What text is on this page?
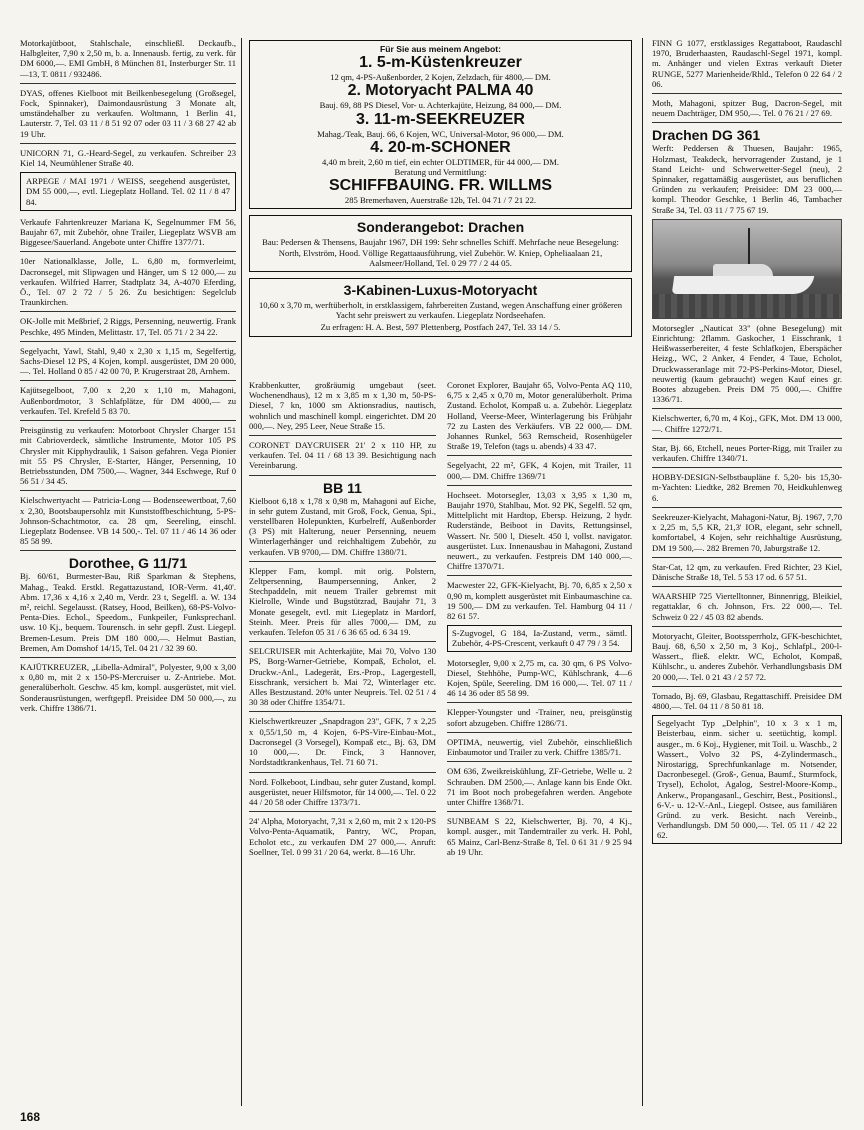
Motorkajütboot, Stahlschale, einschließl. Deckaufb., Halbgleiter, 7,90 x 2,50 m, b. a. Innenausb. fertig, zu verk. für DM 6000,—. EMI GmbH, 8 München 81, Insterburger Str. 11—13, T. 0811 / 932486.

DYAS, offenes Kielboot mit Beilkenbesegelung (Großsegel, Fock, Spinnaker), Daimondausrüstung 3 Monate alt, umständehalber zu verkaufen. Woltmann, 1 Berlin 41, Lauterstr. 7, Tel. 03 11 / 8 51 92 07 oder 03 11 / 3 68 27 42 ab 19 Uhr.

UNICORN 71, G.-Heard-Segel, zu verkaufen. Schreiber 23 Kiel 14, Neumühlener Straße 40.

ARPEGE / MAI 1971 / WEISS, seegehend ausgerüstet, DM 55 000,—, evtl. Liegeplatz Holland. Tel. 02 11 / 8 47 84.

Verkaufe Fahrtenkreuzer Mariana K, Segelnummer FM 56, Baujahr 67, mit Zubehör, ohne Trailer, Liegeplatz WSVB am Biggesee/Sauerland. Angebote unter Chiffre 1377/71.

10er Nationalklasse, Jolle, L. 6,80 m, formverleimt, Dacronsegel, mit Slipwagen und Hänger, um S 12 000,— zu verkaufen. Wilfried Harrer, Stadtplatz 34, A-4070 Eferding, Ö., Tel. 07 2 72 / 5 26. Zu besichtigen: Segelclub Traunkirchen.

OK-Jolle mit Meßbrief, 2 Riggs, Persenning, neuwertig. Frank Peschke, 495 Minden, Melittastr. 17, Tel. 05 71 / 2 34 22.

Segelyacht, Yawl, Stahl, 9,40 x 2,30 x 1,15 m, Segelfertig, Sachs-Diesel 12 PS, 4 Kojen, kompl. ausgerüstet, DM 20 000,—. Tel. Holland 0 85 / 42 00 70, P. Krugerstraat 28, Arnhem.

Kajütsegelboot, 7,00 x 2,20 x 1,10 m, Mahagoni, Außenbordmotor, 3 Schlafplätze, für DM 4000,— zu verkaufen. Tel. Krefeld 5 83 70.

Preisgünstig zu verkaufen: Motorboot Chrysler Charger 151 mit Cabrioverdeck, sämtliche Instrumente, Motor 105 PS Chrysler mit Kipphydraulik, 1 Saison gefahren. Vega Pionier mit 55 PS Chrysler, E-Starter, Hänger, Persenning, 10 Betriebsstunden, DM 7500,—. Wagner, 344 Eschwege, Ruf 0 56 51 / 34 45.

Kielschwertyacht — Patricia-Long — Bodenseewertboat, 7,60 x 2,30, Bootsbaupersohlz mit Kunststoffbeschichtung, 5-PS-Johnson-Schachtmotor, ca. 28 qm, Seereling, einschl. Liegeplatz Bodensee. VB 14 500,-. Tel. 07 11 / 46 14 36 oder 85 58 99.

Dorothee, G 11/71

Bj. 60/61, Burmester-Bau, Riß Sparkman & Stephens, Mahag., Teakd. Erstkl. Regattazustand, IOR-Verm. 41,40'. Abm. 17,36 x 4,16 x 2,40 m, Verdr. 23 t, Segelfl. a. W. 134 m², reichl. Segelausst. (Ratsey, Hood, Beilken), 68-PS-Volvo-Penta-Dies. Echol., Speedom., Funkpeiler, Funksprechanl. usw. 10 Kj., bequem. Tourensch. in sehr gepfl. Zust. Liegepl. Bremen-Lesum. Preis DM 180 000,—. Helmut Bastian, Bremen, Am Domshof 14/15, Tel. 04 21 / 32 39 60.

KAJÜTKREUZER, „Libella-Admiral", Polyester, 9,00 x 3,00 x 0,80 m, mit 2 x 150-PS-Mercruiser u. Z-Antriebe. Mot. generalüberholt. Geschw. 45 km, kompl. ausgerüstet, mit viel. Sonderausrüstungen, werftgepfl. Preisidee DM 50 000,—, zu verk. Chiffre 1386/71.

Für Sie aus meinem Angebot:
1. 5-m-Küstenkreuzer
12 qm, 4-PS-Außenborder, 2 Kojen, Zelzdach, für 4800,— DM.
2. Motoryacht PALMA 40
Bauj. 69, 88 PS Diesel, Vor- u. Achterkajüte, Heizung, 84 000,— DM.
3. 11-m-SEEKREUZER
Mahag./Teak, Bauj. 66, 6 Kojen, WC, Universal-Motor, 96 000,— DM.
4. 20-m-SCHONER
4,40 m breit, 2,60 m tief, ein echter OLDTIMER, für 44 000,— DM.
Beratung und Vermittlung:
SCHIFFBAUING. FR. WILLMS
285 Bremerhaven, Auerstraße 12b, Tel. 04 71 / 7 21 22.
Sonderangebot: Drachen

Bau: Pedersen & Thensens, Baujahr 1967, DH 199: Sehr schnelles Schiff. Mehrfache neue Besegelung: North, Elvström, Hood. Völlige Regattaausführung, viel Zubehör. W. Kniep, Opheliaalaan 21, Aalsmeer/Holland, Tel. 0 29 77 / 2 44 05.

3-Kabinen-Luxus-Motoryacht

10,60 x 3,70 m, werftüberholt, in erstklassigem, fahrbereiten Zustand, wegen Anschaffung einer größeren Yacht sehr preiswert zu verkaufen. Liegeplatz Nordseehafen.

Zu erfragen: H. A. Best, 597 Plettenberg, Postfach 247, Tel. 33 14 / 5.

Krabbenkutter, großräumig umgebaut (seet. Wochenendhaus), 12 m x 3,85 m x 1,30 m, 50-PS-Diesel, 7 kn, 1000 sm Aktionsradius, nautisch, wohnlich und maschinell kompl. eingerichtet. DM 20 000,—. Ney, 295 Leer, Neue Straße 15.

CORONET DAYCRUISER 21' 2 x 110 HP, zu verkaufen. Tel. 04 11 / 68 13 39. Besichtigung nach Vereinbarung.

BB 11

Kielboot 6,18 x 1,78 x 0,98 m, Mahagoni auf Eiche, in sehr gutem Zustand, mit Groß, Fock, Genua, Spi., verstellbaren Holepunkten, Kurbelreff, Außenborder (3 PS) mit Halterung, neuer Persenning, neuem Winterlagerhänger und reichhaltigem Zubehör, zu verkaufen. VB 9700,— DM. Chiffre 1380/71.

Klepper Fam, kompl. mit orig. Polstern, Zeltpersenning, Baumpersenning, Anker, 2 Stechpaddeln, mit neuem Trailer gebremst mit Kielrolle, Winde und Bugstützrad, Baujahr 71, 3 Monate gesegelt, evtl. mit Liegeplatz in Mardorf, Steinh. Meer. Preis für alles 7000,— DM, zu verkaufen. Telefon 05 31 / 6 36 65 od. 6 34 19.

SELCRUISER mit Achterkajüte, Mai 70, Volvo 130 PS, Borg-Warner-Getriebe, Kompaß, Echolot, el. Druckw.-Anl., Ladegerät, Ers.-Prop., Lagergestell, Eisschrank, versichert b. Mai 72, Winterlager etc. Alles Bestzustand. 20% unter Neupreis. Tel. 02 51 / 4 30 38 oder Chiffre 1354/71.

Kielschwertkreuzer „Snapdragon 23", GFK, 7 x 2,25 x 0,55/1,50 m, 4 Kojen, 6-PS-Vire-Einbau-Mot., Dacronsegel (3 Vorsegel), Kompaß etc., Bj. 63, DM 10 000,—. Dr. Finck, 3 Hannover, Nordstadtkrankenhaus, Tel. 71 60 71.

Nord. Folkeboot, Lindbau, sehr guter Zustand, kompl. ausgerüstet, neuer Hilfsmotor, für 14 000,—. Tel. 0 22 44 / 20 58 oder Chiffre 1373/71.

24' Alpha, Motoryacht, 7,31 x 2,60 m, mit 2 x 120-PS Volvo-Penta-Aquamatik, Pantry, WC, Propan, Echolot etc., zu verkaufen DM 27 000,—. Anruft: Soellner, Tel. 0 99 31 / 20 64, werkt. 8—16 Uhr.

Coronet Explorer, Baujahr 65, Volvo-Penta AQ 110, 6,75 x 2,45 x 0,70 m, Motor generalüberholt. Prima Zustand. Echolot, Kompaß u. a. Zubehör. Liegeplatz Holland, Veerse-Meer, Winterlagerung bis Frühjahr 72 zu Lasten des Verkäufers. VB 22 000,— DM. Johannes Runkel, 563 Remscheid, Rosenhügeler Straße 19, Telefon (tags u. abends) 4 33 47.

Segelyacht, 22 m², GFK, 4 Kojen, mit Trailer, 11 000,— DM. Chiffre 1369/71

Hochseet. Motorsegler, 13,03 x 3,95 x 1,30 m, Baujahr 1970, Stahlbau, Mot. 92 PK, Segelfl. 52 qm, Mittelplicht mit Hardtop, Ebersp. Heizung, 2 hydr. Ruderstände, Beiboot in Davits, Rettungsinsel, Wassert. Nr. 500 l, Dieselt. 450 l, vollst. navigator. ausgerüstet. Lux. Innenausbau in Mahagoni, Zustand neuwert., zu verkaufen. Festpreis DM 140 000,—. Chiffre 1370/71.

Macwester 22, GFK-Kielyacht, Bj. 70, 6,85 x 2,50 x 0,90 m, komplett ausgerüstet mit Einbaumaschine ca. 19 500,— DM zu verkaufen. Tel. Hamburg 04 11 / 82 61 57.

S-Zugvogel, G 184, Ia-Zustand, verm., sämtl. Zubehör, 4-PS-Crescent, verkauft 0 47 79 / 3 54.

Motorsegler, 9,00 x 2,75 m, ca. 30 qm, 6 PS Volvo-Diesel, Stehhöhe, Pump-WC, Kühlschrank, 4—6 Kojen, Spüle, Seereling. DM 16 000,—. Tel. 07 11 / 46 14 36 oder 85 58 99.

Klepper-Youngster und -Trainer, neu, preisgünstig sofort abzugeben. Chiffre 1286/71.

OPTIMA, neuwertig, viel Zubehör, einschließlich Einbaumotor und Trailer zu verk. Chiffre 1385/71.

OM 636, Zweikreiskühlung, ZF-Getriebe, Welle u. 2 Schrauben. DM 2500,—. Anlage kann bis Ende Okt. 71 im Boot noch probegefahren werden. Angebote unter Chiffre 1368/71.

SUNBEAM S 22, Kielschwerter, Bj. 70, 4 Kj., kompl. ausger., mit Tandemtrailer zu verk. H. Pohl, 65 Mainz, Carl-Benz-Straße 8, Tel. 0 61 31 / 9 25 94 ab 19 Uhr.

FINN G 1077, erstklassiges Regattaboot, Raudaschl 1970, Bruderhaasten, Raudaschl-Segel 1971, kompl. m. Anhänger und vielen Extras verkauft Dieter RUNGE, 5277 Marienheide/Rhld., Telefon 0 22 64 / 2 06.

Moth, Mahagoni, spitzer Bug, Dacron-Segel, mit neuem Dachträger, DM 950,—. Tel. 0 76 21 / 27 69.

Drachen DG 361

Werft: Peddersen & Thuesen, Baujahr: 1965, Holzmast, Teakdeck, hervorragender Zustand, je 1 Stand Leicht- und Schwerwetter-Segel (neu), 2 Spinnaker, regattamäßig ausgerüstet, aus beruflichen Gründen zu verkaufen; Preisidee: DM 23 000,— kompl. Theodor Geschke, 1 Berlin 46, Tambacher Straße 34, Tel. 03 11 / 7 75 67 19.

Motorsegler „Nauticat 33" (ohne Besegelung) mit Einrichtung: 2flamm. Gaskocher, 1 Eisschrank, 1 Heißwasserbereiter, 4 feste Schlafkojen, Eberspächer Heizg., WC, 2 Anker, 4 Fender, 4 Taue, Echolot, Druckwasseranlage mit 72-PS-Perkins-Motor, Diesel, neuwertig (kaum gebraucht) wegen Kauf eines gr. Bootes abzugeben. Preis DM 75 000,—. Chiffre 1336/71.

Kielschwerter, 6,70 m, 4 Koj., GFK, Mot. DM 13 000,—. Chiffre 1272/71.

Star, Bj. 66, Etchell, neues Porter-Rigg, mit Trailer zu verkaufen. Chiffre 1340/71.

HOBBY-DESIGN-Selbstbaupläne f. 5,20- bis 15,30-m-Yachten: Liedtke, 282 Bremen 70, Heidkuhlenweg 6.

Seekreuzer-Kielyacht, Mahagoni-Natur, Bj. 1967, 7,70 x 2,25 m, 5,5 KR, 21,3' IOR, elegant, sehr schnell, komfortabel, 4 Kojen, sehr reichhaltige Ausrüstung, DM 19 500,—. 282 Bremen 70, Jaburgstraße 12.

Star-Cat, 12 qm, zu verkaufen. Fred Richter, 23 Kiel, Dänische Straße 18, Tel. 5 53 17 od. 6 57 51.

WAARSHIP 725 Viertelltonner, Binnenrigg, Bleikiel, regattaklar, 6 ch. Johnson, Frs. 22 000,—. Tel. Schweiz 0 22 / 45 03 82 abends.

Motoryacht, Gleiter, Bootssperrholz, GFK-beschichtet, Bauj. 68, 6,50 x 2,50 m, 3 Koj., Schlafpl., 200-l-Wassert., fließ. elektr. WC, Echolot, Kompaß, Kühlschr., u. anderes Zubehör. Verhandlungsbasis DM 20 000,—. Tel. 0 21 43 / 2 57 72.

Tornado, Bj. 69, Glasbau, Regattaschiff. Preisidee DM 4800,—. Tel. 04 11 / 8 50 81 18.

Segelyacht Typ „Delphin", 10 x 3 x 1 m, Beisterbau, einm. sicher u. seetüchtig, kompl. ausger., m. 6 Koj., Hygiener, mit Toil. u. Waschb., 2 Wassert., Volvo 32 PS, 4-Zylindermasch., Nirostarigg, Sprechfunkanlage m. Notsender, Dacronbesegel. (Groß-, Genua, Baumf., Sturmfock, Trysel), Echolot, Agalog, Sestrel-Moore-Komp., Ankerw., Propangasanl., Geschirr, Best., Positionsl., 6-V.- u. 12-V.-Anl., Liegepl. Ostsee, aus familiären Gründ. zu verk. Besicht. nach Vereinb., Verhandlungsb. DM 50 000,—. Tel. 05 11 / 42 22 62.

168
